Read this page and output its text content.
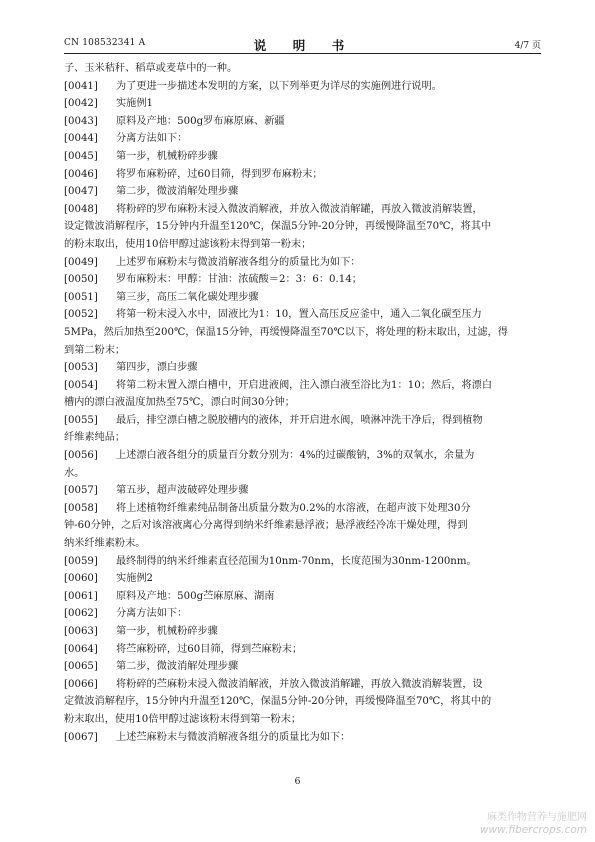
CN 108532341 A	说　明　书	4/7 页
子、玉米秸秆、稻草或麦草中的一种。
[0041]	为了更进一步描述本发明的方案，以下列举更为详尽的实施例进行说明。
[0042]	实施例1
[0043]	原料及产地：500g罗布麻原麻、新疆
[0044]	分离方法如下：
[0045]	第一步，机械粉碎步骤
[0046]	将罗布麻粉碎，过60目筛，得到罗布麻粉末；
[0047]	第二步，微波消解处理步骤
[0048]	将粉碎的罗布麻粉末浸入微波消解液，并放入微波消解罐，再放入微波消解装置，
设定微波消解程序，15分钟内升温至120℃，保温5分钟-20分钟，再缓慢降温至70℃，将其中
的粉末取出，使用10倍甲醇过滤该粉末得到第一粉末；
[0049]	上述罗布麻粉末与微波消解液各组分的质量比为如下：
[0050]	罗布麻粉末：甲醇：甘油：浓硫酸＝2：3：6：0.14；
[0051]	第三步，高压二氧化碳处理步骤
[0052]	将第一粉末浸入水中，固液比为1：10，置入高压反应釜中，通入二氧化碳至压力
5MPa，然后加热至200℃，保温15分钟，再缓慢降温至70℃以下，将处理的粉末取出，过滤，得
到第二粉末；
[0053]	第四步，漂白步骤
[0054]	将第二粉末置入漂白槽中，开启进液阀，注入漂白液至浴比为1：10；然后，将漂白
槽内的漂白液温度加热至75℃，漂白时间30分钟；
[0055]	最后，排空漂白槽之脱胶槽内的液体，并开启进水阀，喷淋冲洗干净后，得到植物
纤维素纯品；
[0056]	上述漂白液各组分的质量百分数分别为：4%的过碳酸钠，3%的双氧水，余量为
水。
[0057]	第五步，超声波破碎处理步骤
[0058]	将上述植物纤维素纯品制备出质量分数为0.2%的水溶液，在超声波下处理30分
钟-60分钟，之后对该溶液离心分离得到纳米纤维素悬浮液；悬浮液经冷冻干燥处理，得到
纳米纤维素粉末。
[0059]	最终制得的纳米纤维素直径范围为10nm-70nm，长度范围为30nm-1200nm。
[0060]	实施例2
[0061]	原料及产地：500g苎麻原麻、湖南
[0062]	分离方法如下：
[0063]	第一步，机械粉碎步骤
[0064]	将苎麻粉碎，过60目筛，得到苎麻粉末；
[0065]	第二步，微波消解处理步骤
[0066]	将粉碎的苎麻粉末浸入微波消解液，并放入微波消解罐，再放入微波消解装置，设
定微波消解程序，15分钟内升温至120℃，保温5分钟-20分钟，再缓慢降温至70℃，将其中的
粉末取出，使用10倍甲醇过滤该粉末得到第一粉末；
[0067]	上述苎麻粉末与微波消解液各组分的质量比为如下：
6
麻类作物营养与施肥网
www.fibercrops.com
